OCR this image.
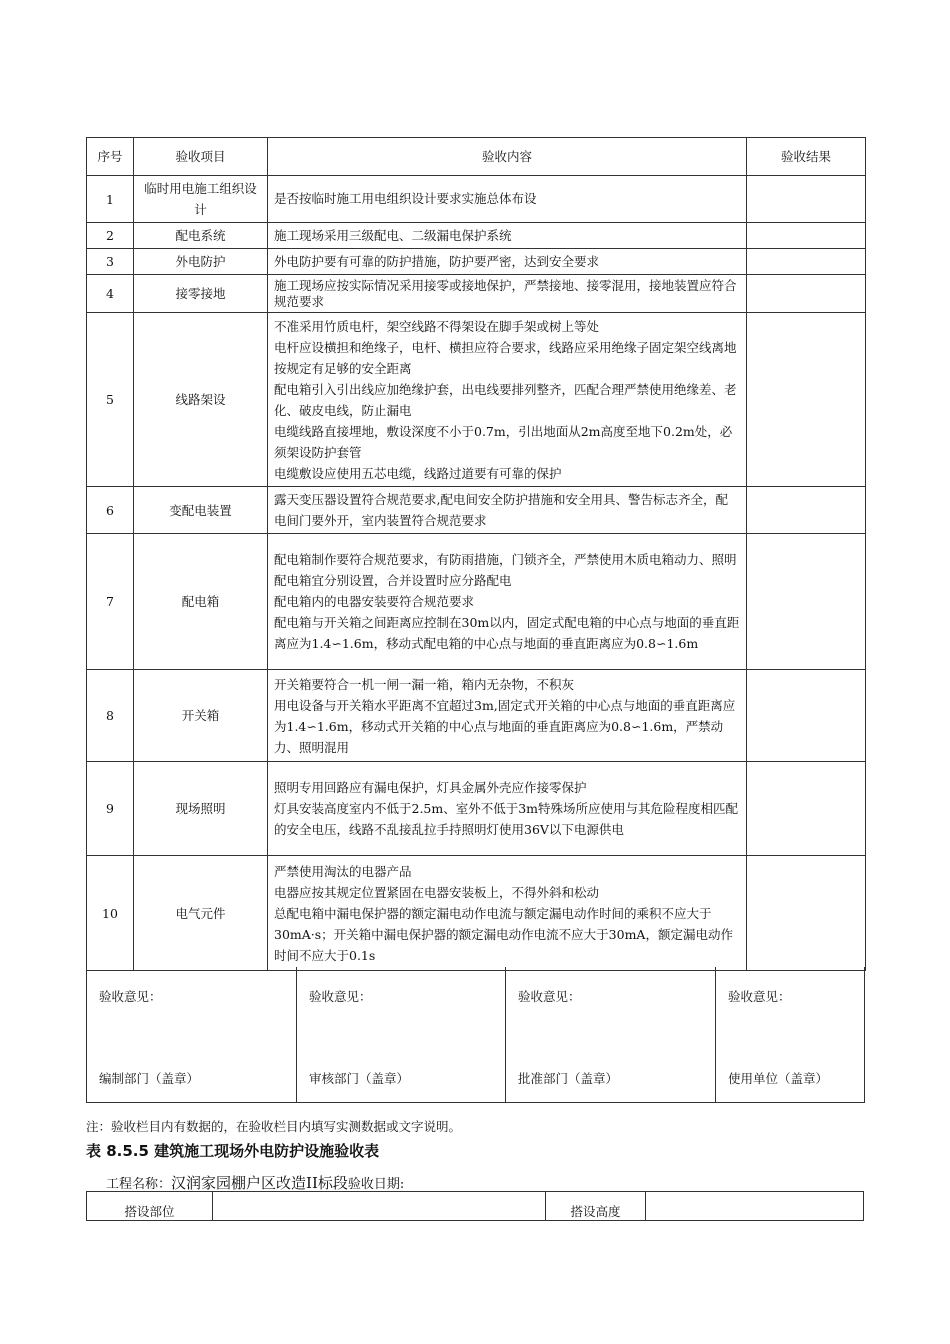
序号	验收项目	验收内容	验收结果
1	临时用电施工组织设计	是否按临时施工用电组织设计要求实施总体布设	

2	配电系统	施工现场采用三级配电、二级漏电保护系统	

3	外电防护	外电防护要有可靠的防护措施，防护要严密，达到安全要求	

4	接零接地	施工现场应按实际情况采用接零或接地保护，严禁接地、接零混用，接地装置应符合规范要求	

5	线路架设	不准采用竹质电杆，架空线路不得架设在脚手架或树上等处
电杆应设横担和绝缘子，电杆、横担应符合要求，线路应采用绝缘子固定架空线离地按规定有足够的安全距离
配电箱引入引出线应加绝缘护套，出电线要排列整齐，匹配合理严禁使用绝缘差、老化、破皮电线，防止漏电
电缆线路直接埋地，敷设深度不小于0.7m，引出地面从2m高度至地下0.2m处，必须架设防护套管
电缆敷设应使用五芯电缆，线路过道要有可靠的保护	

6	变配电装置	露天变压器设置符合规范要求,配电间安全防护措施和安全用具、警告标志齐全，配电间门要外开，室内装置符合规范要求	

7	配电箱	配电箱制作要符合规范要求，有防雨措施，门锁齐全，严禁使用木质电箱动力、照明配电箱宜分别设置，合并设置时应分路配电
配电箱内的电器安装要符合规范要求
配电箱与开关箱之间距离应控制在30m以内，固定式配电箱的中心点与地面的垂直距离应为1.4∽1.6m，移动式配电箱的中心点与地面的垂直距离应为0.8∽1.6m	

8	开关箱	开关箱要符合一机一闸一漏一箱，箱内无杂物，不积灰
用电设备与开关箱水平距离不宜超过3m,固定式开关箱的中心点与地面的垂直距离应为1.4∽1.6m，移动式开关箱的中心点与地面的垂直距离应为0.8∽1.6m，严禁动力、照明混用	

9	现场照明	照明专用回路应有漏电保护，灯具金属外壳应作接零保护
灯具安装高度室内不低于2.5m、室外不低于3m特殊场所应使用与其危险程度相匹配的安全电压，线路不乱接乱拉手持照明灯使用36V以下电源供电	

10	电气元件	严禁使用淘汰的电器产品
电器应按其规定位置紧固在电器安装板上，不得外斜和松动
总配电箱中漏电保护器的额定漏电动作电流与额定漏电动作时间的乘积不应大于30mA·s；开关箱中漏电保护器的额定漏电动作电流不应大于30mA，额定漏电动作时间不应大于0.1s	

验收意见：
编制部门（盖章）
验收意见：
审核部门（盖章）
验收意见：
批准部门（盖章）
验收意见：
使用单位（盖章）
注：验收栏目内有数据的，在验收栏目内填写实测数据或文字说明。
表 8.5.5 建筑施工现场外电防护设施验收表
工程名称：汉润家园棚户区改造II标段验收日期:
搭设部位		搭设高度	
